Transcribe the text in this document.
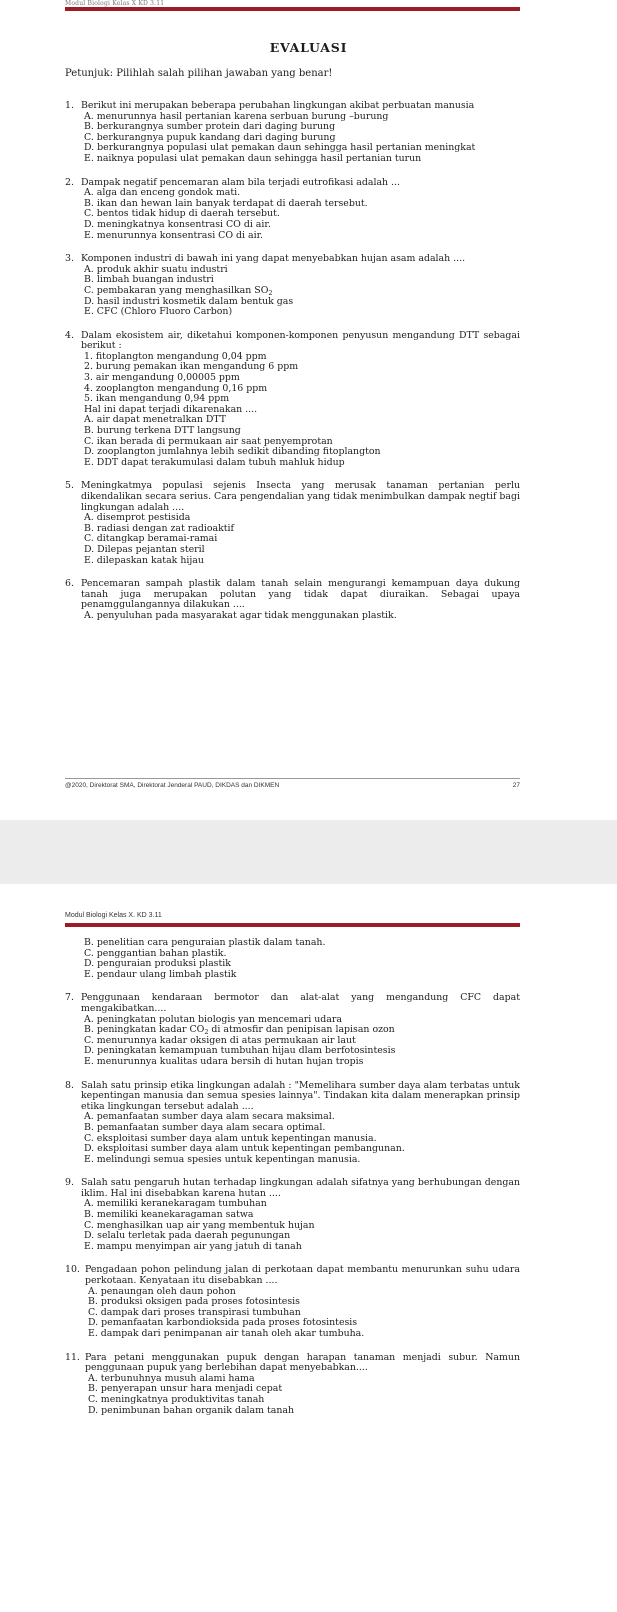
Modul Biologi Kelas X KD 3.11
EVALUASI
Petunjuk: Pilihlah salah pilihan jawaban yang benar!
1. Berikut ini merupakan beberapa perubahan lingkungan akibat perbuatan manusia
A. menurunnya hasil pertanian karena serbuan burung –burung
B. berkurangnya sumber protein dari daging burung
C. berkurangnya pupuk kandang dari daging burung
D. berkurangnya populasi ulat pemakan daun sehingga hasil pertanian meningkat
E. naiknya populasi ulat pemakan daun sehingga hasil pertanian turun
2. Dampak negatif pencemaran alam bila terjadi eutrofikasi adalah ...
A. alga dan enceng gondok mati.
B. ikan dan hewan lain banyak terdapat di daerah tersebut.
C. bentos tidak hidup di daerah tersebut.
D. meningkatnya konsentrasi CO di air.
E. menurunnya konsentrasi CO di air.
3. Komponen industri di bawah ini yang dapat menyebabkan hujan asam adalah ....
A. produk akhir suatu industri
B. limbah buangan industri
C. pembakaran yang menghasilkan $SO_2$
D. hasil industri kosmetik dalam bentuk gas
E. CFC (Chloro Fluoro Carbon)
4. Dalam ekosistem air, diketahui komponen-komponen penyusun mengandung DTT sebagai berikut :
1. fitoplangton mengandung 0,04 ppm
2. burung pemakan ikan mengandung 6 ppm
3. air mengandung 0,00005 ppm
4. zooplangton mengandung 0,16 ppm
5. ikan mengandung 0,94 ppm
Hal ini dapat terjadi dikarenakan ....
A. air dapat menetralkan DTT
B. burung terkena DTT langsung
C. ikan berada di permukaan air saat penyemprotan
D. zooplangton jumlahnya lebih sedikit dibanding fitoplangton
E. DDT dapat terakumulasi dalam tubuh mahluk hidup
5. Meningkatmya populasi sejenis Insecta yang merusak tanaman pertanian perlu dikendalikan secara serius. Cara pengendalian yang tidak menimbulkan dampak negtif bagi lingkungan adalah ....
A. disemprot pestisida
B. radiasi dengan zat radioaktif
C. ditangkap beramai-ramai
D. Dilepas pejantan steril
E. dilepaskan katak hijau
6. Pencemaran sampah plastik dalam tanah selain mengurangi kemampuan daya dukung tanah juga merupakan polutan yang tidak dapat diuraikan. Sebagai upaya penamggulangannya dilakukan ....
A. penyuluhan pada masyarakat agar tidak menggunakan plastik.
@2020, Direktorat SMA, Direktorat Jenderal PAUD, DIKDAS dan DIKMEN	27
Modul Biologi Kelas X. KD 3.11
B. penelitian cara penguraian plastik dalam tanah.
C. penggantian bahan plastik.
D. penguraian produksi plastik
E. pendaur ulang limbah plastik
7. Penggunaan kendaraan bermotor dan alat-alat yang mengandung CFC dapat mengakibatkan....
A. peningkatan polutan biologis yan mencemari udara
B. peningkatan kadar $CO_2$ di atmosfir dan penipisan lapisan ozon
C. menurunnya kadar oksigen di atas permukaan air laut
D. peningkatan kemampuan tumbuhan hijau dlam berfotosintesis
E. menurunnya kualitas udara bersih di hutan hujan tropis
8. Salah satu prinsip etika lingkungan adalah : "Memelihara sumber daya alam terbatas untuk kepentingan manusia dan semua spesies lainnya". Tindakan kita dalam menerapkan prinsip etika lingkungan tersebut adalah ....
A. pemanfaatan sumber daya alam secara maksimal.
B. pemanfaatan sumber daya alam secara optimal.
C. eksploitasi sumber daya alam untuk kepentingan manusia.
D. eksploitasi sumber daya alam untuk kepentingan pembangunan.
E. melindungi semua spesies untuk kepentingan manusia.
9. Salah satu pengaruh hutan terhadap lingkungan adalah sifatnya yang berhubungan dengan iklim. Hal ini disebabkan karena hutan ....
A. memiliki keranekaragam tumbuhan
B. memiliki keanekaragaman satwa
C. menghasilkan uap air yang membentuk hujan
D. selalu terletak pada daerah pegunungan
E. mampu menyimpan air yang jatuh di tanah
10. Pengadaan pohon pelindung jalan di perkotaan dapat membantu menurunkan suhu udara perkotaan. Kenyataan itu disebabkan ....
A. penaungan oleh daun pohon
B. produksi oksigen pada proses fotosintesis
C. dampak dari proses transpirasi tumbuhan
D. pemanfaatan karbondioksida pada proses fotosintesis
E. dampak dari penimpanan air tanah oleh akar tumbuha.
11. Para petani menggunakan pupuk dengan harapan tanaman menjadi subur. Namun penggunaan pupuk yang berlebihan dapat menyebabkan....
A. terbunuhnya musuh alami hama
B. penyerapan unsur hara menjadi cepat
C. meningkatnya produktivitas tanah
D. penimbunan bahan organik dalam tanah
